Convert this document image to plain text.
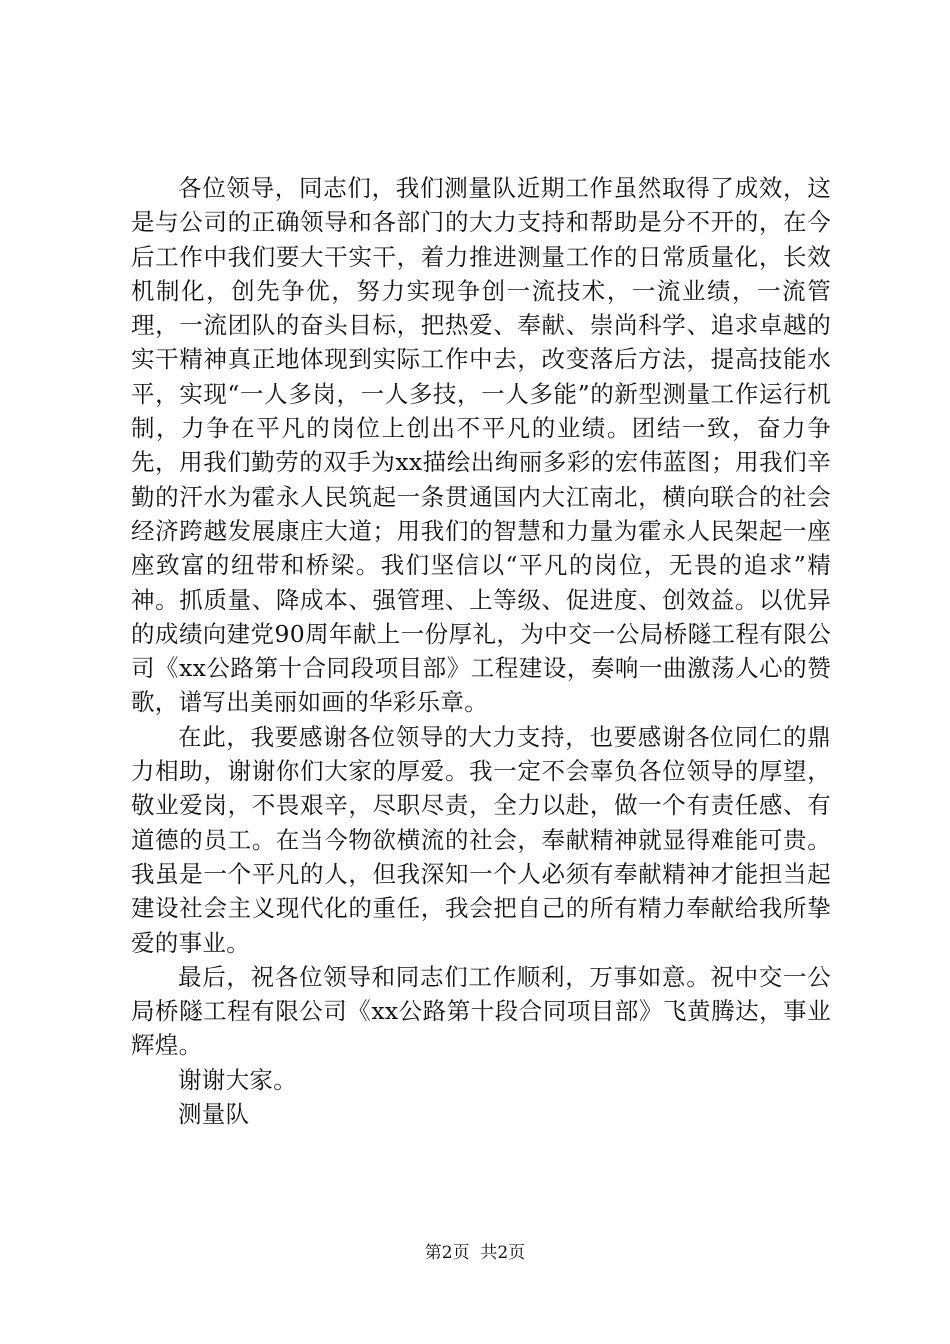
各位领导，同志们，我们测量队近期工作虽然取得了成效，这是与公司的正确领导和各部门的大力支持和帮助是分不开的，在今后工作中我们要大干实干，着力推进测量工作的日常质量化，长效机制化，创先争优，努力实现争创一流技术，一流业绩，一流管理，一流团队的奋头目标，把热爱、奉献、崇尚科学、追求卓越的实干精神真正地体现到实际工作中去，改变落后方法，提高技能水平，实现“一人多岗，一人多技，一人多能”的新型测量工作运行机制，力争在平凡的岗位上创出不平凡的业绩。团结一致，奋力争先，用我们勤劳的双手为xx描绘出绚丽多彩的宏伟蓝图；用我们辛勤的汗水为霍永人民筑起一条贯通国内大江南北，横向联合的社会经济跨越发展康庄大道；用我们的智慧和力量为霍永人民架起一座座致富的纽带和桥梁。我们坚信以“平凡的岗位，无畏的追求”精神。抓质量、降成本、强管理、上等级、促进度、创效益。以优异的成绩向建党90周年献上一份厚礼，为中交一公局桥隧工程有限公司《xx公路第十合同段项目部》工程建设，奏响一曲激荡人心的赞歌，谱写出美丽如画的华彩乐章。

在此，我要感谢各位领导的大力支持，也要感谢各位同仁的鼎力相助，谢谢你们大家的厚爱。我一定不会辜负各位领导的厚望，敬业爱岗，不畏艰辛，尽职尽责，全力以赴，做一个有责任感、有道德的员工。在当今物欲横流的社会，奉献精神就显得难能可贵。我虽是一个平凡的人，但我深知一个人必须有奉献精神才能担当起建设社会主义现代化的重任，我会把自己的所有精力奉献给我所挚爱的事业。

最后，祝各位领导和同志们工作顺利，万事如意。祝中交一公局桥隧工程有限公司《xx公路第十段合同项目部》飞黄腾达，事业辉煌。

谢谢大家。

测量队

第2页  共2页
